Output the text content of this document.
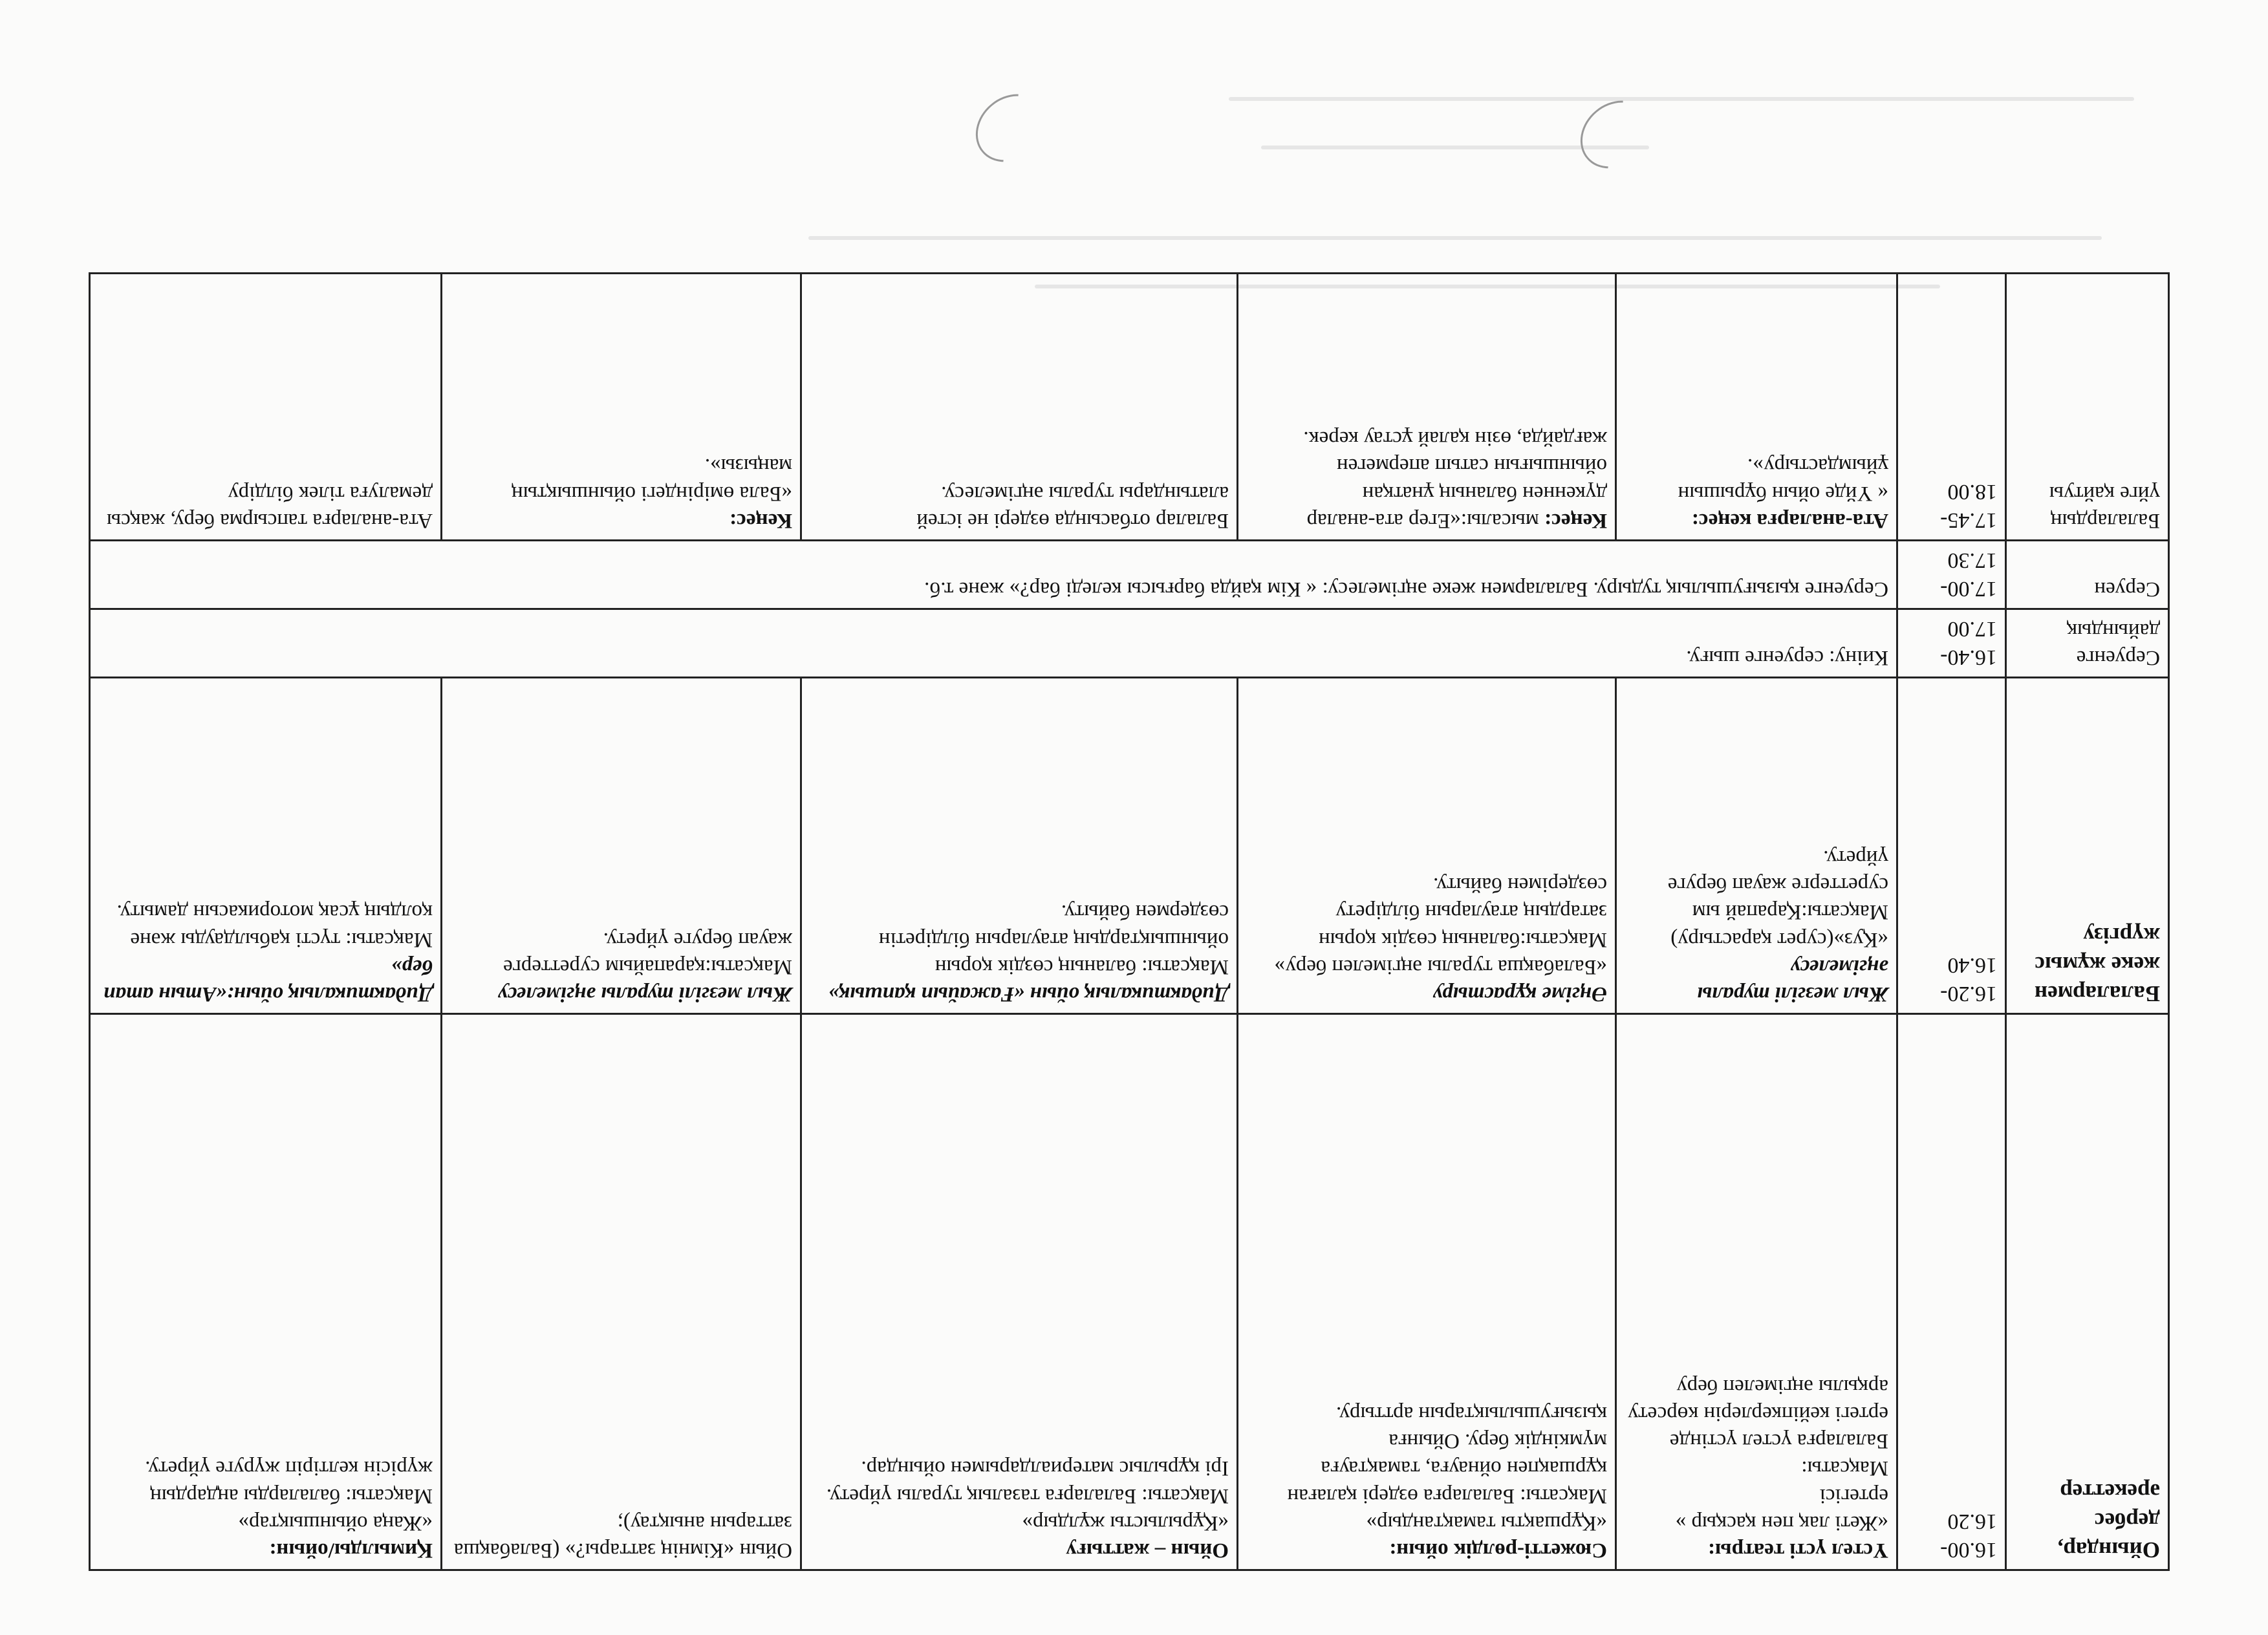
Ойындар, дербес әрекеттер	16.00-16.20	Үстел үсті театры:
«Жеті лақ пен қасқыр » ертегісі
Мақсаты:
Балаларға үстел үстінде ертегі кейіпкерлерін көрсету арқылы әңгімелеп беру	Сюжетті-рөлдік ойын:
«Құршақты тамақтандыр»
Мақсаты: Балаларға өздері қалаған құршақпен ойнауға, тамақтауға мүмкіндік беру. Ойынға қызығушылықтарын арттыру.	Ойын – жаттығу
«Құрылысты жұлдыр»
Мақсаты: Балаларға тазалық туралы үйрету.
Ірі құрылыс материалдарымен ойындар.	Ойын «Кімнің заттары?» (Балабақша заттарын анықтау);	Қимылды/ойын:
«Жаңа ойыншықтар»
Мақсаты: балаларды аңдардың жүрісін келтіріп жүруге үйрету.

Балалармен жеке жұмыс жүргізу	16.20-16.40	Жыл мезгілі туралы әңгімелесу
«Қуз»(сурет қарастыру)
Мақсаты:Қарапай ым суреттерге жауап беруге үйрету.	Әңгіме құрастыру
«Балабақша туралы әңгімелеп беру»
Мақсаты:баланың сөздік қорын затардың атауларын білдірету сөздерімен байыту.	Дидактикалық ойын «Ғажайып қапшық»
Мақсаты: баланың сөздік қорын ойыншықтардың атауларын білдіретін сөздермен байыту.	Жыл мезгілі туралы әңгімелесу
Мақсаты:қарапайым суреттерге жауап беруге үйрету.	Дидактикалық ойын:«Атын атап бер»
Мақсаты: түсті қабылдауды және қолдың ұсақ моторикасын дамыту.

Серуенге дайындық	16.40-17.00	Киіну: серуенге шығу.				
Серуен	17.00-17.30	Серуенге қызығушылық тудыру. Балалармен жеке әңгімелесу: « Кім қайда барғысы келеді бар?» және т.б.				
Балалардың үйге қайтуы	17.45-18.00	Ата-аналарға кеңес:
« Үйде ойын бұрышын ұйымдастыру».	Кеңес: мысалы:«Егер ата-аналар дүкеннен баланың ұнатқан ойыншығын сатып апермеген жағдайда, өзін қалай ұстау керек.	Балалар отбасында өздері не істей алатындары туралы әңгімелесу.	Кеңес:
«Бала өміріндегі ойыншықтың маңызы».	Ата-аналарға тапсырма беру, жақсы демалуға тілек білдіру
